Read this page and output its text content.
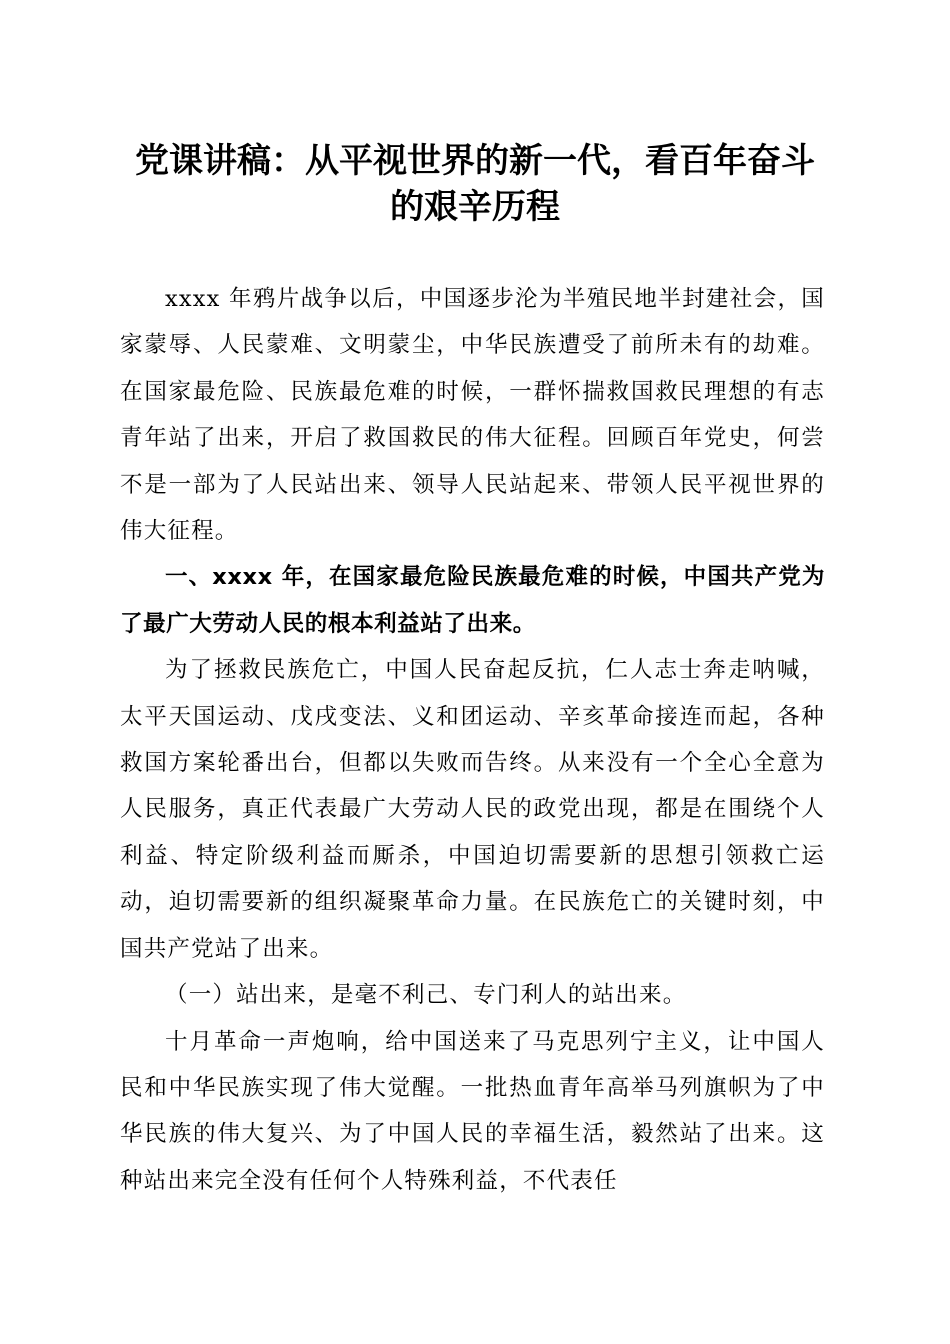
党课讲稿：从平视世界的新一代，看百年奋斗
的艰辛历程

xxxx 年鸦片战争以后，中国逐步沦为半殖民地半封建社会，国家蒙辱、人民蒙难、文明蒙尘，中华民族遭受了前所未有的劫难。在国家最危险、民族最危难的时候，一群怀揣救国救民理想的有志青年站了出来，开启了救国救民的伟大征程。回顾百年党史，何尝不是一部为了人民站出来、领导人民站起来、带领人民平视世界的伟大征程。

一、xxxx 年，在国家最危险民族最危难的时候，中国共产党为了最广大劳动人民的根本利益站了出来。

为了拯救民族危亡，中国人民奋起反抗，仁人志士奔走呐喊，太平天国运动、戊戌变法、义和团运动、辛亥革命接连而起，各种救国方案轮番出台，但都以失败而告终。从来没有一个全心全意为人民服务，真正代表最广大劳动人民的政党出现，都是在围绕个人利益、特定阶级利益而厮杀，中国迫切需要新的思想引领救亡运动，迫切需要新的组织凝聚革命力量。在民族危亡的关键时刻，中国共产党站了出来。

（一）站出来，是毫不利己、专门利人的站出来。

十月革命一声炮响，给中国送来了马克思列宁主义，让中国人民和中华民族实现了伟大觉醒。一批热血青年高举马列旗帜为了中华民族的伟大复兴、为了中国人民的幸福生活，毅然站了出来。这种站出来完全没有任何个人特殊利益，不代表任
